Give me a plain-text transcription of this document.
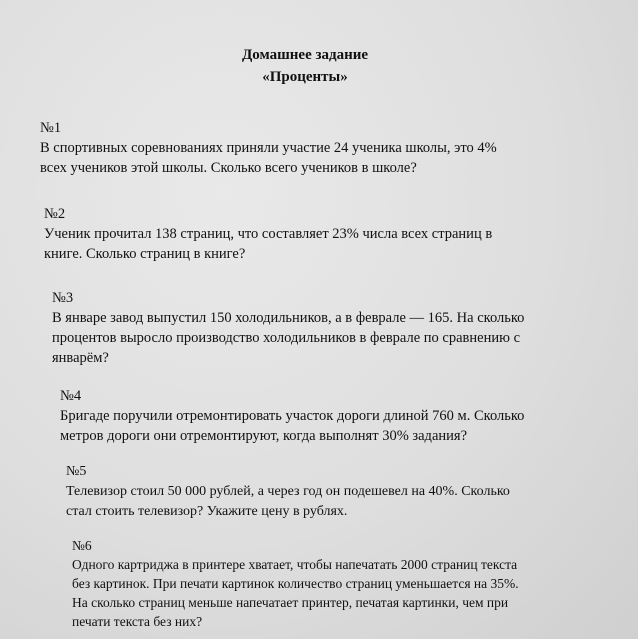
Домашнее задание
«Проценты»
№1
В спортивных соревнованиях приняли участие 24 ученика школы, это 4%
всех учеников этой школы. Сколько всего учеников в школе?
№2
Ученик прочитал 138 страниц, что составляет 23% числа всех страниц в
книге. Сколько страниц в книге?
№3
В январе завод выпустил 150 холодильников, а в феврале — 165. На сколько
процентов выросло производство холодильников в феврале по сравнению с
январём?
№4
Бригаде поручили отремонтировать участок дороги длиной 760 м. Сколько
метров дороги они отремонтируют, когда выполнят 30% задания?
№5
Телевизор стоил 50 000 рублей, а через год он подешевел на 40%. Сколько
стал стоить телевизор? Укажите цену в рублях.
№6
Одного картриджа в принтере хватает, чтобы напечатать 2000 страниц текста
без картинок. При печати картинок количество страниц уменьшается на 35%.
На сколько страниц меньше напечатает принтер, печатая картинки, чем при
печати текста без них?
